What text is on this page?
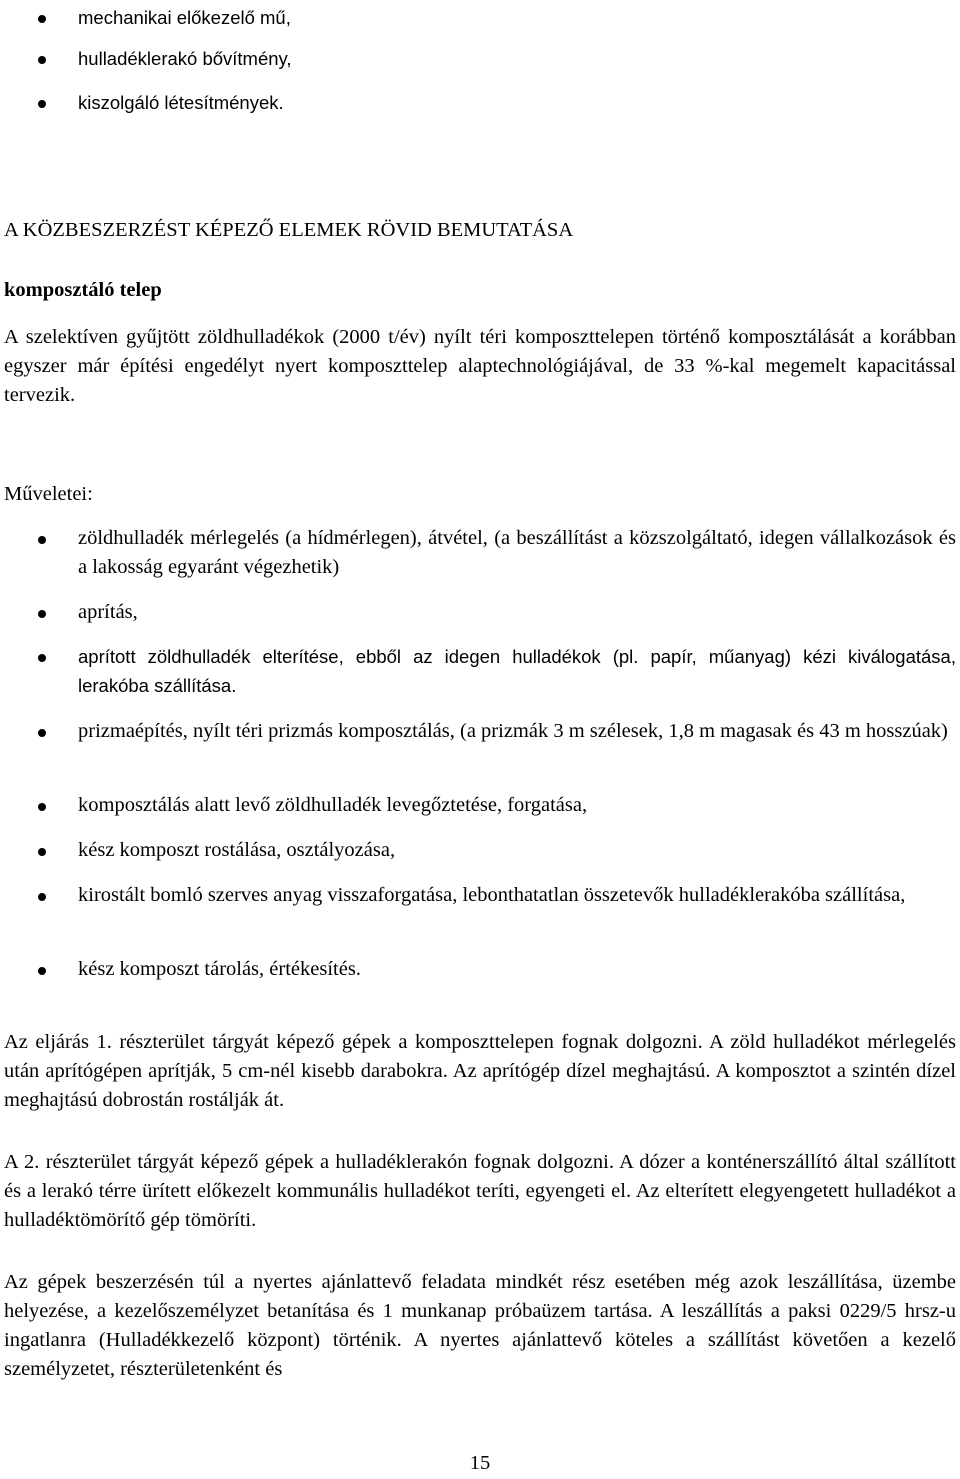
mechanikai előkezelő mű,
hulladéklerakó bővítmény,
kiszolgáló létesítmények.
A KÖZBESZERZÉST KÉPEZŐ ELEMEK RÖVID BEMUTATÁSA
komposztáló telep
A szelektíven gyűjtött zöldhulladékok (2000 t/év) nyílt téri komposzttelepen történő komposztálását a korábban egyszer már építési engedélyt nyert komposzttelep alaptechnológiájával, de 33 %-kal megemelt kapacitással tervezik.
Műveletei:
zöldhulladék mérlegelés (a hídmérlegen), átvétel, (a beszállítást a közszolgáltató, idegen vállalkozások és a lakosság egyaránt végezhetik)
aprítás,
aprított zöldhulladék elterítése, ebből az idegen hulladékok (pl. papír, műanyag) kézi kiválogatása, lerakóba szállítása.
prizmaépítés, nyílt téri prizmás komposztálás, (a prizmák 3 m szélesek, 1,8 m magasak és 43 m hosszúak)
komposztálás alatt levő zöldhulladék levegőztetése, forgatása,
kész komposzt rostálása, osztályozása,
kirostált bomló szerves anyag visszaforgatása, lebonthatatlan összetevők hulladéklerakóba szállítása,
kész komposzt tárolás, értékesítés.
Az eljárás 1. részterület tárgyát képező gépek a komposzttelepen fognak dolgozni. A zöld hulladékot mérlegelés után aprítógépen aprítják, 5 cm-nél kisebb darabokra. Az aprítógép dízel meghajtású. A komposztot a szintén dízel meghajtású dobrostán rostálják át.
A 2. részterület tárgyát képező gépek a hulladéklerakón fognak dolgozni. A dózer a konténerszállító által szállított és a lerakó térre ürített előkezelt kommunális hulladékot teríti, egyengeti el. Az elterített elegyengetett hulladékot a hulladéktömörítő gép tömöríti.
Az gépek beszerzésén túl a nyertes ajánlattevő feladata mindkét rész esetében még azok leszállítása, üzembe helyezése, a kezelőszemélyzet betanítása és 1 munkanap próbaüzem tartása. A leszállítás a paksi 0229/5 hrsz-u ingatlanra (Hulladékkezelő központ) történik. A nyertes ajánlattevő köteles a szállítást követően a kezelő személyzetet, részterületenként és
15
